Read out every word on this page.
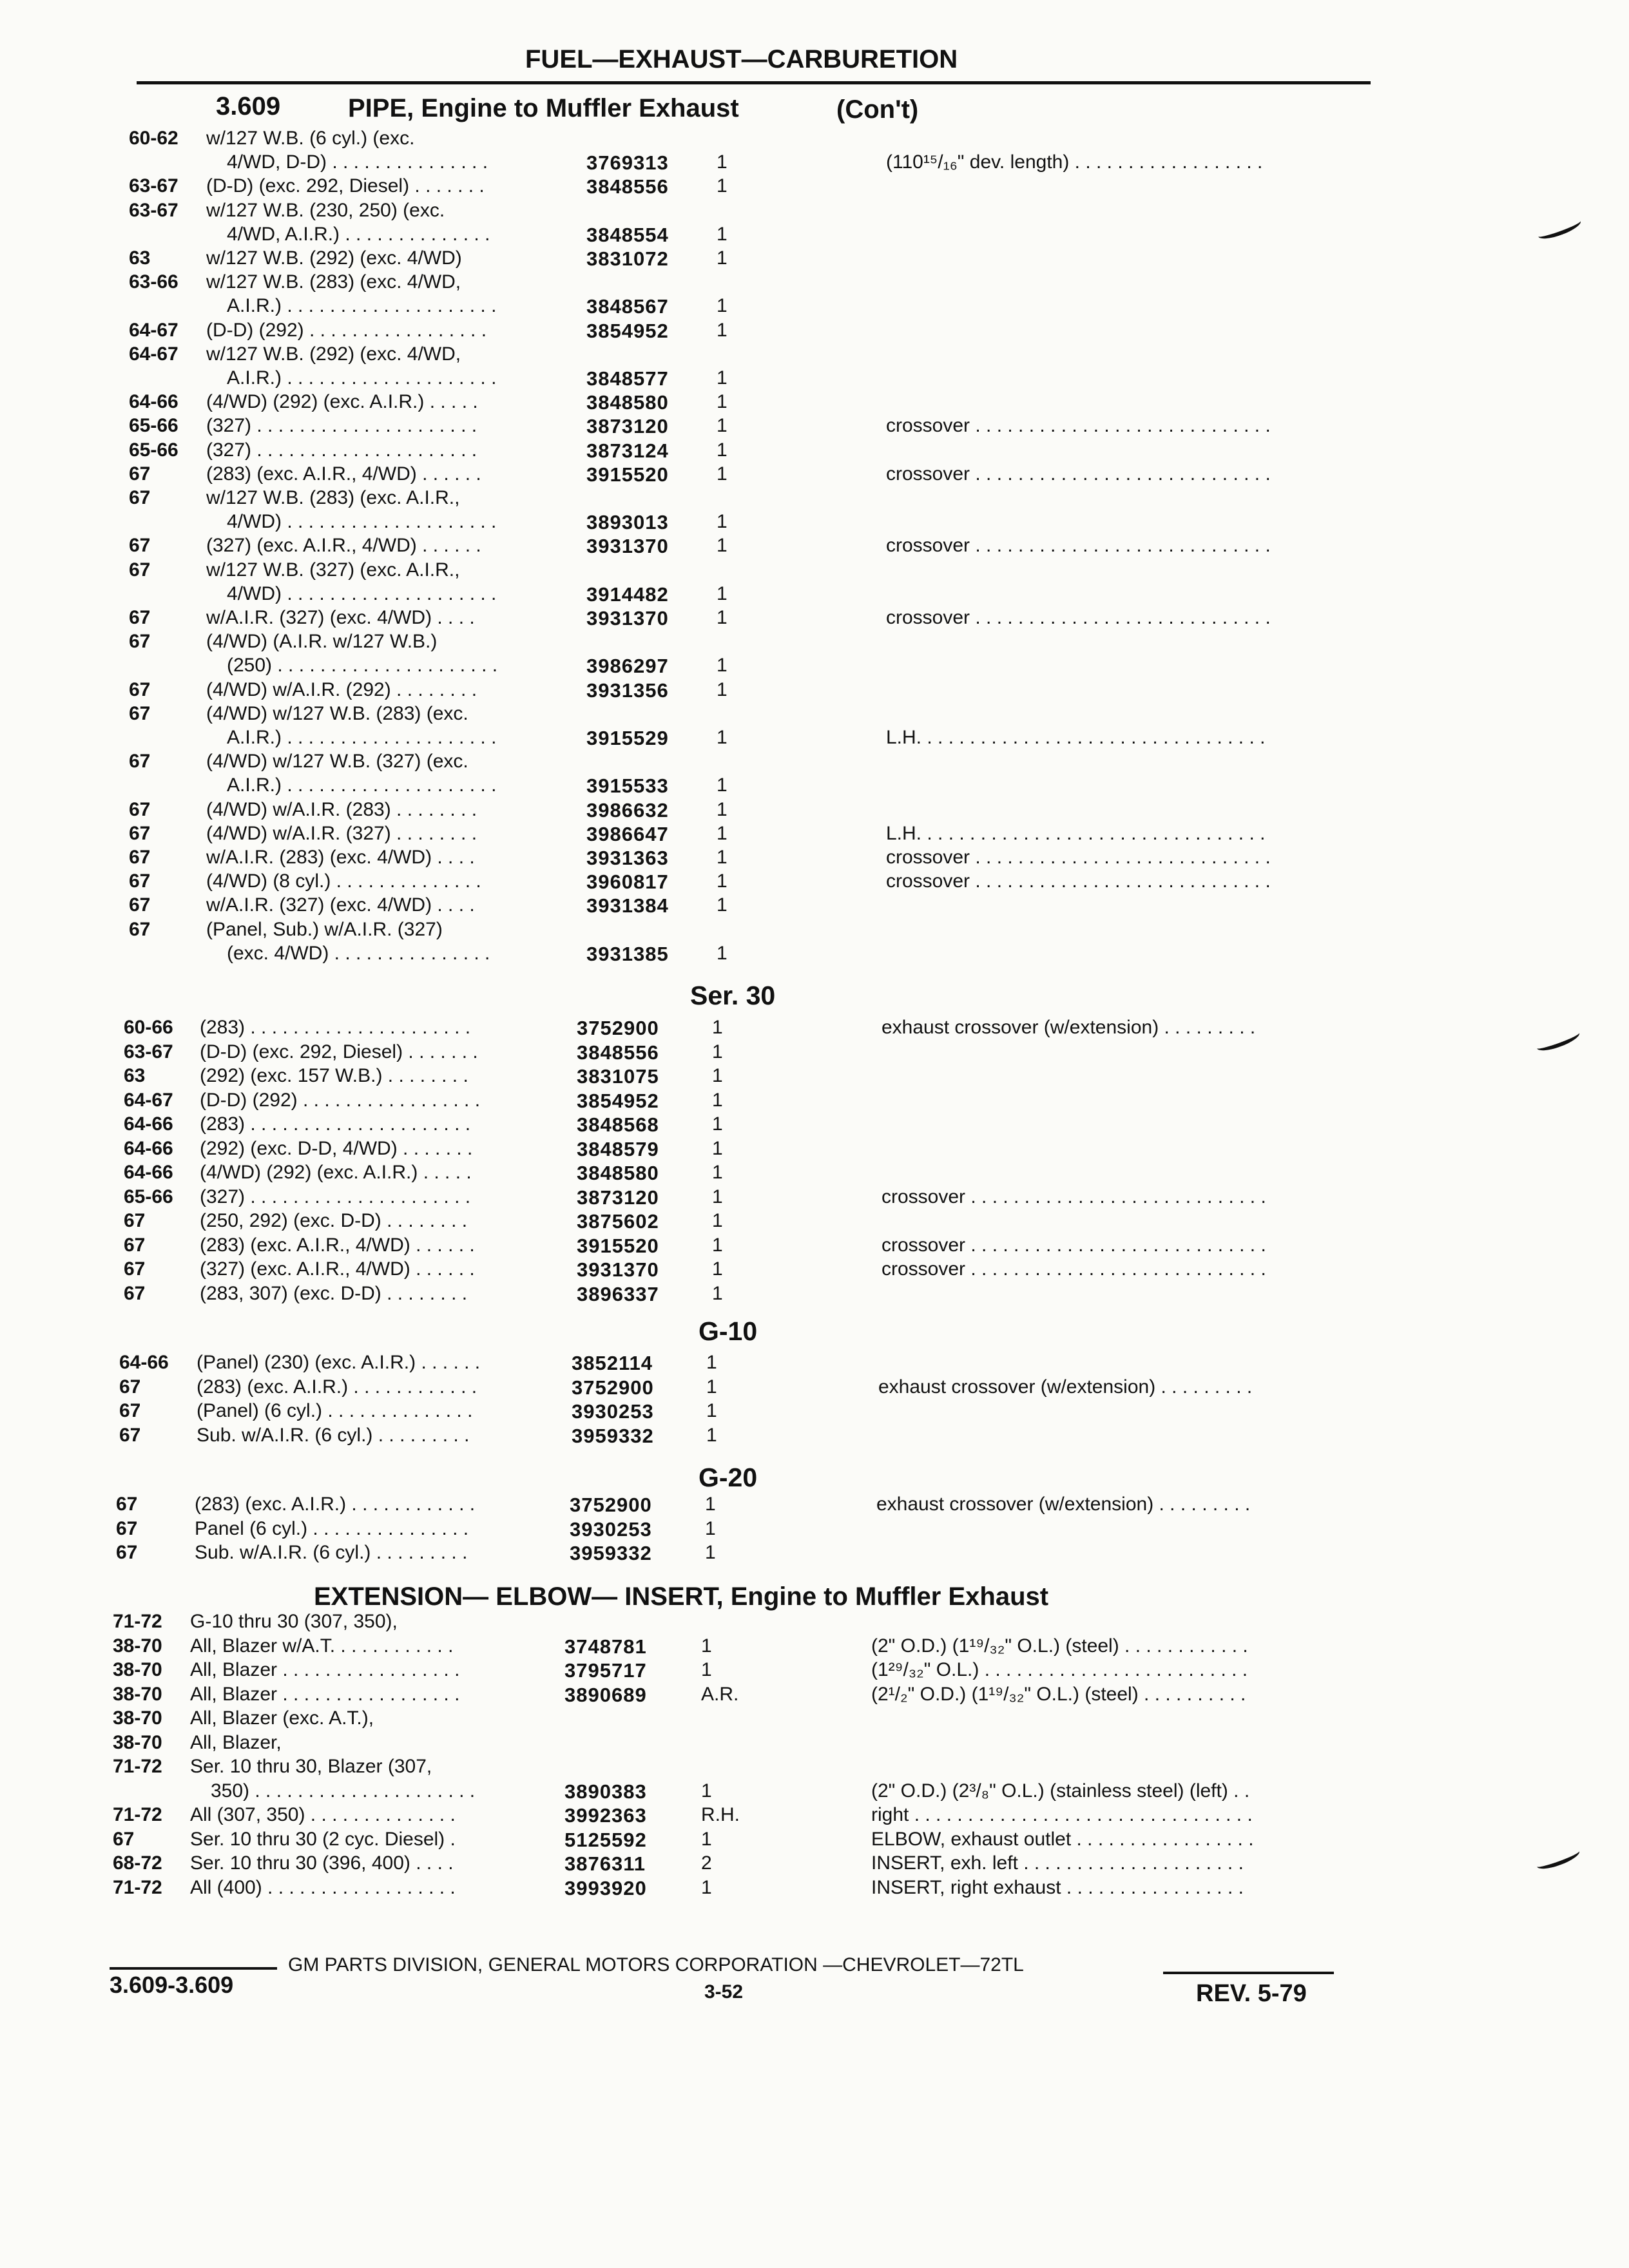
FUEL—EXHAUST—CARBURETION
3.609	PIPE, Engine to Muffler Exhaust	(Con't)
60-62	w/127 W.B. (6 cyl.) (exc.
4/WD, D-D) . . . . . . . . . . . . . . .	3769313 1	(110¹⁵/₁₆" dev. length) . . . . . . . . . . . . . . . . . .
63-67	(D-D) (exc. 292, Diesel) . . . . . . .	3848556 1
63-67	w/127 W.B. (230, 250) (exc.
4/WD, A.I.R.) . . . . . . . . . . . . . .	3848554 1
63	w/127 W.B. (292) (exc. 4/WD)	3831072 1
63-66	w/127 W.B. (283) (exc. 4/WD,
A.I.R.) . . . . . . . . . . . . . . . . . . . .	3848567 1
64-67	(D-D) (292) . . . . . . . . . . . . . . . . .	3854952 1
64-67	w/127 W.B. (292) (exc. 4/WD,
A.I.R.) . . . . . . . . . . . . . . . . . . . .	3848577 1
64-66	(4/WD) (292) (exc. A.I.R.) . . . . .	3848580 1
65-66	(327) . . . . . . . . . . . . . . . . . . . . .	3873120 1	crossover . . . . . . . . . . . . . . . . . . . . . . . . . . . .
65-66	(327) . . . . . . . . . . . . . . . . . . . . .	3873124 1
67	(283) (exc. A.I.R., 4/WD) . . . . . .	3915520 1	crossover . . . . . . . . . . . . . . . . . . . . . . . . . . . .
67	w/127 W.B. (283) (exc. A.I.R.,
4/WD) . . . . . . . . . . . . . . . . . . . .	3893013 1
67	(327) (exc. A.I.R., 4/WD) . . . . . .	3931370 1	crossover . . . . . . . . . . . . . . . . . . . . . . . . . . . .
67	w/127 W.B. (327) (exc. A.I.R.,
4/WD) . . . . . . . . . . . . . . . . . . . .	3914482 1
67	w/A.I.R. (327) (exc. 4/WD) . . . .	3931370 1	crossover . . . . . . . . . . . . . . . . . . . . . . . . . . . .
67	(4/WD) (A.I.R. w/127 W.B.)
(250) . . . . . . . . . . . . . . . . . . . . .	3986297 1
67	(4/WD) w/A.I.R. (292) . . . . . . . .	3931356 1
67	(4/WD) w/127 W.B. (283) (exc.
A.I.R.) . . . . . . . . . . . . . . . . . . . .	3915529 1	L.H. . . . . . . . . . . . . . . . . . . . . . . . . . . . . . . . .
67	(4/WD) w/127 W.B. (327) (exc.
A.I.R.) . . . . . . . . . . . . . . . . . . . .	3915533 1
67	(4/WD) w/A.I.R. (283) . . . . . . . .	3986632 1
67	(4/WD) w/A.I.R. (327) . . . . . . . .	3986647 1	L.H. . . . . . . . . . . . . . . . . . . . . . . . . . . . . . . . .
67	w/A.I.R. (283) (exc. 4/WD) . . . .	3931363 1	crossover . . . . . . . . . . . . . . . . . . . . . . . . . . . .
67	(4/WD) (8 cyl.) . . . . . . . . . . . . . .	3960817 1	crossover . . . . . . . . . . . . . . . . . . . . . . . . . . . .
67	w/A.I.R. (327) (exc. 4/WD) . . . .	3931384 1
67	(Panel, Sub.) w/A.I.R. (327)
(exc. 4/WD) . . . . . . . . . . . . . . .	3931385 1
Ser. 30
60-66	(283) . . . . . . . . . . . . . . . . . . . . .	3752900	1	exhaust crossover (w/extension) . . . . . . . . .
63-67	(D-D) (exc. 292, Diesel) . . . . . . .	3848556	1
63	(292) (exc. 157 W.B.) . . . . . . . .	3831075	1
64-67	(D-D) (292) . . . . . . . . . . . . . . . . .	3854952	1
64-66	(283) . . . . . . . . . . . . . . . . . . . . .	3848568	1
64-66	(292) (exc. D-D, 4/WD) . . . . . . .	3848579	1
64-66	(4/WD) (292) (exc. A.I.R.) . . . . .	3848580	1
65-66	(327) . . . . . . . . . . . . . . . . . . . . .	3873120	1	crossover . . . . . . . . . . . . . . . . . . . . . . . . . . . .
67	(250, 292) (exc. D-D) . . . . . . . .	3875602	1
67	(283) (exc. A.I.R., 4/WD) . . . . . .	3915520	1	crossover . . . . . . . . . . . . . . . . . . . . . . . . . . . .
67	(327) (exc. A.I.R., 4/WD) . . . . . .	3931370	1	crossover . . . . . . . . . . . . . . . . . . . . . . . . . . . .
67	(283, 307) (exc. D-D) . . . . . . . .	3896337	1
G-10
64-66	(Panel) (230) (exc. A.I.R.) . . . . . .	3852114	1
67	(283) (exc. A.I.R.) . . . . . . . . . . . .	3752900	1	exhaust crossover (w/extension) . . . . . . . . .
67	(Panel) (6 cyl.) . . . . . . . . . . . . . .	3930253	1
67	Sub. w/A.I.R. (6 cyl.) . . . . . . . . .	3959332	1
G-20
67	(283) (exc. A.I.R.) . . . . . . . . . . . .	3752900	1	exhaust crossover (w/extension) . . . . . . . . .
67	Panel (6 cyl.) . . . . . . . . . . . . . . .	3930253	1
67	Sub. w/A.I.R. (6 cyl.) . . . . . . . . .	3959332	1
EXTENSION— ELBOW— INSERT, Engine to Muffler Exhaust
71-72	G-10 thru 30 (307, 350),
38-70	All, Blazer w/A.T. . . . . . . . . . . .	3748781	1	(2" O.D.) (1¹⁹/₃₂" O.L.) (steel) . . . . . . . . . . . .
38-70	All, Blazer . . . . . . . . . . . . . . . . .	3795717	1	(1²⁹/₃₂" O.L.) . . . . . . . . . . . . . . . . . . . . . . . . .
38-70	All, Blazer . . . . . . . . . . . . . . . . .	3890689	A.R.	(2¹/₂" O.D.) (1¹⁹/₃₂" O.L.) (steel) . . . . . . . . . .
38-70	All, Blazer (exc. A.T.),
38-70	All, Blazer,
71-72	Ser. 10 thru 30, Blazer (307,
350) . . . . . . . . . . . . . . . . . . . . .	3890383	1	(2" O.D.) (2³/₈" O.L.) (stainless steel) (left) . .
71-72	All (307, 350) . . . . . . . . . . . . . .	3992363	R.H.	right . . . . . . . . . . . . . . . . . . . . . . . . . . . . . . . .
67	Ser. 10 thru 30 (2 cyc. Diesel) .	5125592	1	ELBOW, exhaust outlet . . . . . . . . . . . . . . . . .
68-72	Ser. 10 thru 30 (396, 400) . . . .	3876311	2	INSERT, exh. left . . . . . . . . . . . . . . . . . . . . .
71-72	All (400) . . . . . . . . . . . . . . . . . .	3993920	1	INSERT, right exhaust . . . . . . . . . . . . . . . . .
GM PARTS DIVISION, GENERAL MOTORS CORPORATION —CHEVROLET—72TL
3.609-3.609	3-52	REV. 5-79
